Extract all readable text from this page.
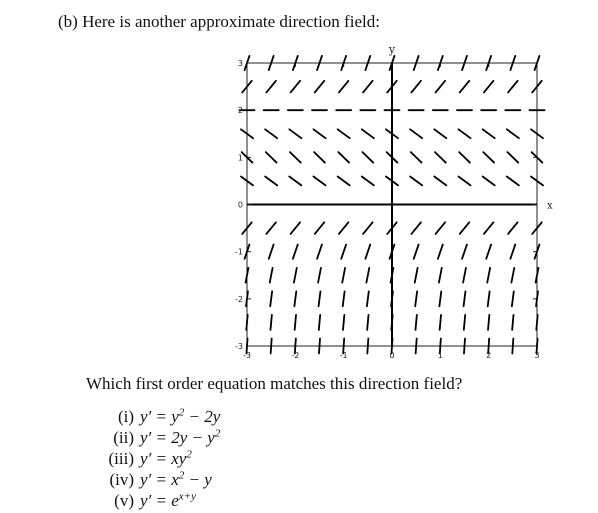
(b) Here is another approximate direction field:
-3	-2	-1	0	1	2	3
3
2
1
0
-1
-2
-3
x
y
Which first order equation matches this direction field?
(i) $y' = y^2 - 2y$
(ii) $y' = 2y - y^2$
(iii) $y' = xy^2$
(iv) $y' = x^2 - y$
(v) $y' = e^{x+y}$
